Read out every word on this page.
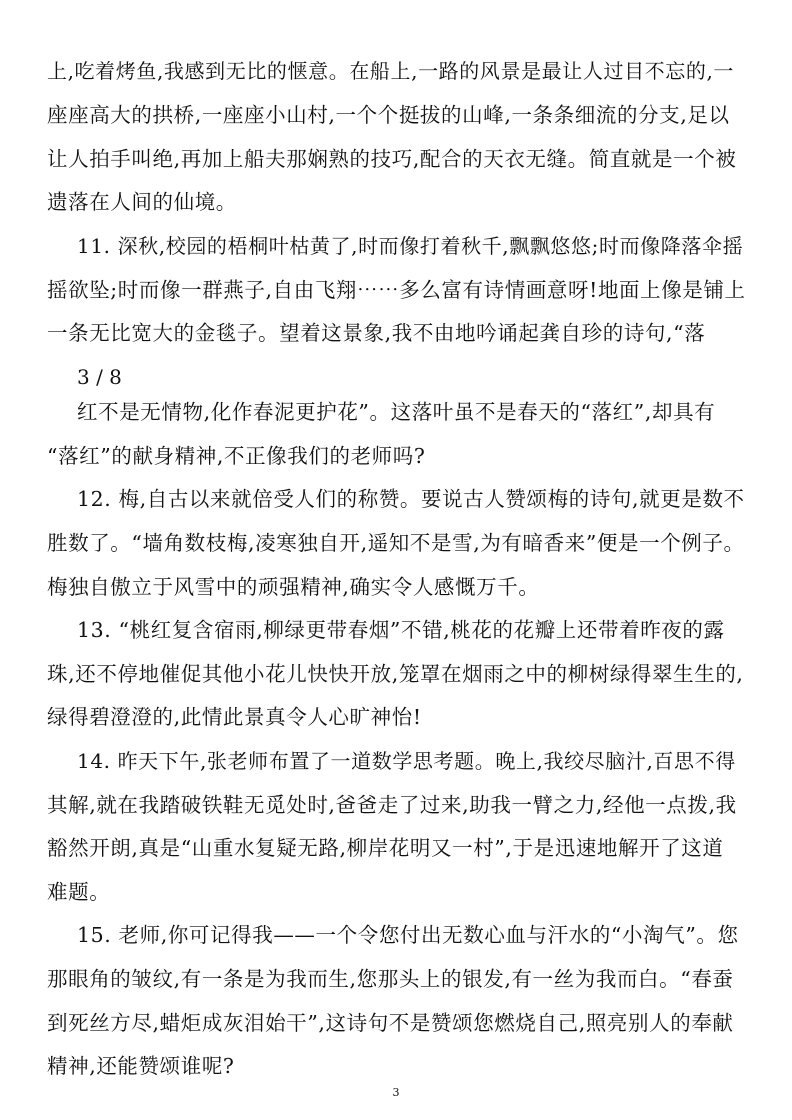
上,吃着烤鱼,我感到无比的惬意。在船上,一路的风景是最让人过目不忘的,一
座座高大的拱桥,一座座小山村,一个个挺拔的山峰,一条条细流的分支,足以
让人拍手叫绝,再加上船夫那娴熟的技巧,配合的天衣无缝。简直就是一个被
遗落在人间的仙境。
11. 深秋,校园的梧桐叶枯黄了,时而像打着秋千,飘飘悠悠;时而像降落伞摇
摇欲坠;时而像一群燕子,自由飞翔⋯⋯多么富有诗情画意呀!地面上像是铺上
一条无比宽大的金毯子。望着这景象,我不由地吟诵起龚自珍的诗句,“落
3 / 8
红不是无情物,化作春泥更护花”。这落叶虽不是春天的“落红”,却具有
“落红”的献身精神,不正像我们的老师吗?
12. 梅,自古以来就倍受人们的称赞。要说古人赞颂梅的诗句,就更是数不
胜数了。“墙角数枝梅,凌寒独自开,遥知不是雪,为有暗香来”便是一个例子。
梅独自傲立于风雪中的顽强精神,确实令人感慨万千。
13. “桃红复含宿雨,柳绿更带春烟”不错,桃花的花瓣上还带着昨夜的露
珠,还不停地催促其他小花儿快快开放,笼罩在烟雨之中的柳树绿得翠生生的,
绿得碧澄澄的,此情此景真令人心旷神怡!
14. 昨天下午,张老师布置了一道数学思考题。晚上,我绞尽脑汁,百思不得
其解,就在我踏破铁鞋无觅处时,爸爸走了过来,助我一臂之力,经他一点拨,我
豁然开朗,真是“山重水复疑无路,柳岸花明又一村”,于是迅速地解开了这道
难题。
15. 老师,你可记得我——一个令您付出无数心血与汗水的“小淘气”。您
那眼角的皱纹,有一条是为我而生,您那头上的银发,有一丝为我而白。“春蚕
到死丝方尽,蜡炬成灰泪始干”,这诗句不是赞颂您燃烧自己,照亮别人的奉献
精神,还能赞颂谁呢?
3
